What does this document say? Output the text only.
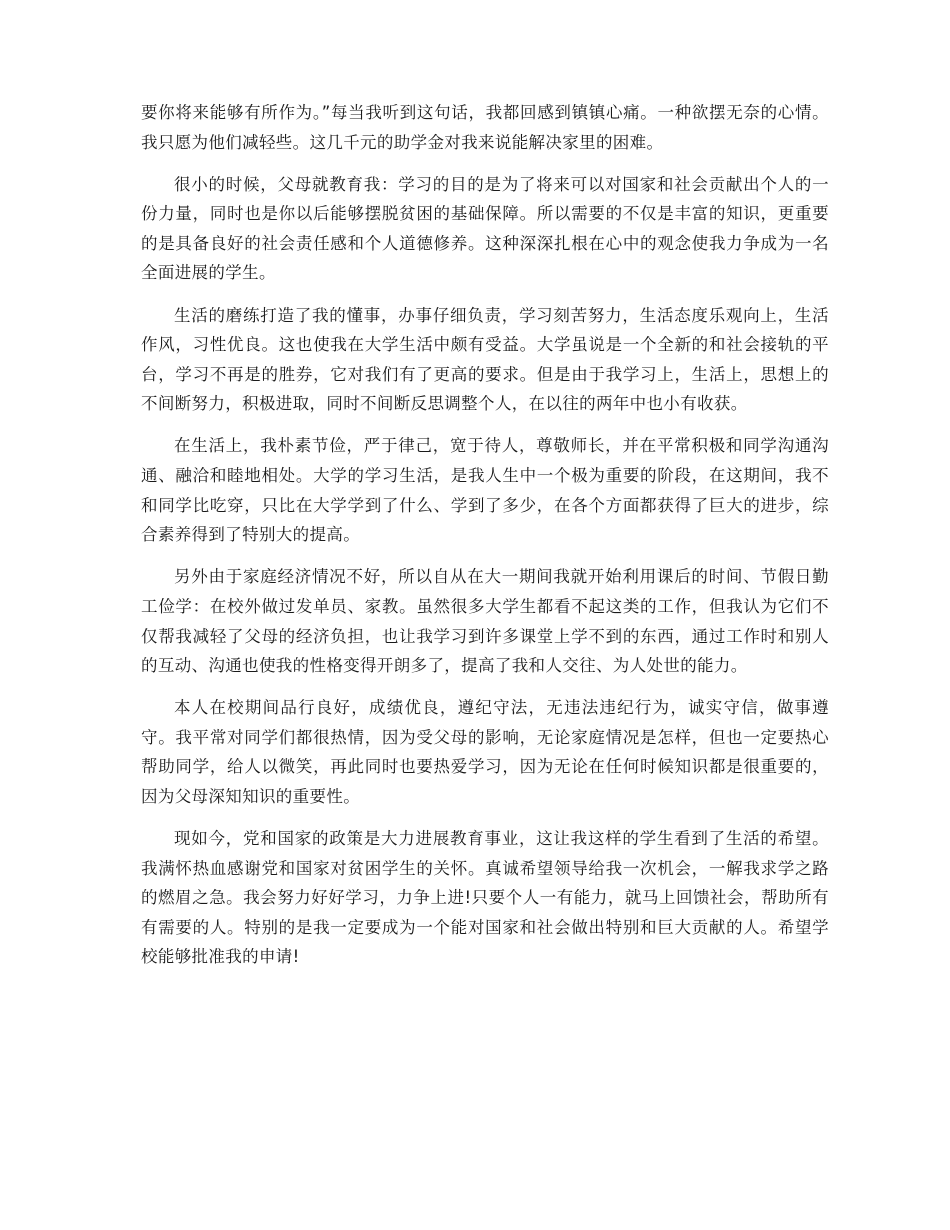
要你将来能够有所作为。”每当我听到这句话，我都回感到镇镇心痛。一种欲摆无奈的心情。我只愿为他们减轻些。这几千元的助学金对我来说能解决家里的困难。

很小的时候，父母就教育我：学习的目的是为了将来可以对国家和社会贡献出个人的一份力量，同时也是你以后能够摆脱贫困的基础保障。所以需要的不仅是丰富的知识，更重要的是具备良好的社会责任感和个人道德修养。这种深深扎根在心中的观念使我力争成为一名全面进展的学生。

生活的磨练打造了我的懂事，办事仔细负责，学习刻苦努力，生活态度乐观向上，生活作风，习性优良。这也使我在大学生活中颇有受益。大学虽说是一个全新的和社会接轨的平台，学习不再是的胜券，它对我们有了更高的要求。但是由于我学习上，生活上，思想上的不间断努力，积极进取，同时不间断反思调整个人，在以往的两年中也小有收获。

在生活上，我朴素节俭，严于律己，宽于待人，尊敬师长，并在平常积极和同学沟通沟通、融洽和睦地相处。大学的学习生活，是我人生中一个极为重要的阶段，在这期间，我不和同学比吃穿，只比在大学学到了什么、学到了多少，在各个方面都获得了巨大的进步，综合素养得到了特别大的提高。

另外由于家庭经济情况不好，所以自从在大一期间我就开始利用课后的时间、节假日勤工俭学：在校外做过发单员、家教。虽然很多大学生都看不起这类的工作，但我认为它们不仅帮我减轻了父母的经济负担，也让我学习到许多课堂上学不到的东西，通过工作时和别人的互动、沟通也使我的性格变得开朗多了，提高了我和人交往、为人处世的能力。

本人在校期间品行良好，成绩优良，遵纪守法，无违法违纪行为，诚实守信，做事遵守。我平常对同学们都很热情，因为受父母的影响，无论家庭情况是怎样，但也一定要热心帮助同学，给人以微笑，再此同时也要热爱学习，因为无论在任何时候知识都是很重要的，因为父母深知知识的重要性。

现如今，党和国家的政策是大力进展教育事业，这让我这样的学生看到了生活的希望。我满怀热血感谢党和国家对贫困学生的关怀。真诚希望领导给我一次机会，一解我求学之路的燃眉之急。我会努力好好学习，力争上进!只要个人一有能力，就马上回馈社会，帮助所有有需要的人。特别的是我一定要成为一个能对国家和社会做出特别和巨大贡献的人。希望学校能够批准我的申请!
